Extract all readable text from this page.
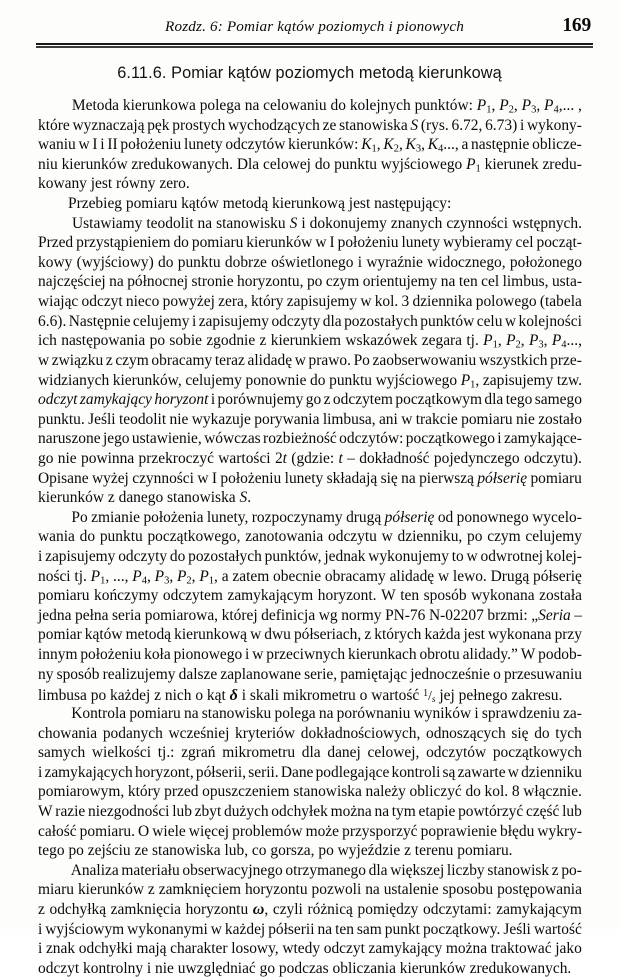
Rozdz. 6: Pomiar kątów poziomych i pionowych	169
6.11.6. Pomiar kątów poziomych metodą kierunkową
Metoda kierunkowa polega na celowaniu do kolejnych punktów: $P_1$, $P_2$, $P_3$, $P_4$,... ,
które wyznaczają pęk prostych wychodzących ze stanowiska S (rys. 6.72, 6.73) i wykony-
waniu w I i II położeniu lunety odczytów kierunków: $K_1$, $K_2$, $K_3$, $K_4$..., a następnie oblicze-
niu kierunków zredukowanych. Dla celowej do punktu wyjściowego $P_1$ kierunek zredu-
kowany jest równy zero.
Przebieg pomiaru kątów metodą kierunkową jest następujący:
Ustawiamy teodolit na stanowisku S i dokonujemy znanych czynności wstępnych.
Przed przystąpieniem do pomiaru kierunków w I położeniu lunety wybieramy cel począt-
kowy (wyjściowy) do punktu dobrze oświetlonego i wyraźnie widocznego, położonego
najczęściej na północnej stronie horyzontu, po czym orientujemy na ten cel limbus, usta-
wiając odczyt nieco powyżej zera, który zapisujemy w kol. 3 dziennika polowego (tabela
6.6). Następnie celujemy i zapisujemy odczyty dla pozostałych punktów celu w kolejności
ich następowania po sobie zgodnie z kierunkiem wskazówek zegara tj. $P_1$, $P_2$, $P_3$, $P_4$...,
w związku z czym obracamy teraz alidadę w prawo. Po zaobserwowaniu wszystkich prze-
widzianych kierunków, celujemy ponownie do punktu wyjściowego $P_1$, zapisujemy tzw.
odczyt zamykający horyzont i porównujemy go z odczytem początkowym dla tego samego
punktu. Jeśli teodolit nie wykazuje porywania limbusa, ani w trakcie pomiaru nie zostało
naruszone jego ustawienie, wówczas rozbieżność odczytów: początkowego i zamykające-
go nie powinna przekroczyć wartości 2t (gdzie: t – dokładność pojedynczego odczytu).
Opisane wyżej czynności w I położeniu lunety składają się na pierwszą półserię pomiaru
kierunków z danego stanowiska S.
Po zmianie położenia lunety, rozpoczynamy drugą półserię od ponownego wycelo-
wania do punktu początkowego, zanotowania odczytu w dzienniku, po czym celujemy
i zapisujemy odczyty do pozostałych punktów, jednak wykonujemy to w odwrotnej kolej-
ności tj. $P_1$, ..., $P_4$, $P_3$, $P_2$, $P_1$, a zatem obecnie obracamy alidadę w lewo. Drugą półserię
pomiaru kończymy odczytem zamykającym horyzont. W ten sposób wykonana została
jedna pełna seria pomiarowa, której definicja wg normy PN-76 N-02207 brzmi: „Seria –
pomiar kątów metodą kierunkową w dwu półseriach, z których każda jest wykonana przy
innym położeniu koła pionowego i w przeciwnych kierunkach obrotu alidady.” W podob-
ny sposób realizujemy dalsze zaplanowane serie, pamiętając jednocześnie o przesuwaniu
limbusa po każdej z nich o kąt δ i skali mikrometru o wartość $^1/_s$ jej pełnego zakresu.
Kontrola pomiaru na stanowisku polega na porównaniu wyników i sprawdzeniu za-
chowania podanych wcześniej kryteriów dokładnościowych, odnoszących się do tych
samych wielkości tj.: zgrań mikrometru dla danej celowej, odczytów początkowych
i zamykających horyzont, półserii, serii. Dane podlegające kontroli są zawarte w dzienniku
pomiarowym, który przed opuszczeniem stanowiska należy obliczyć do kol. 8 włącznie.
W razie niezgodności lub zbyt dużych odchyłek można na tym etapie powtórzyć część lub
całość pomiaru. O wiele więcej problemów może przysporzyć poprawienie błędu wykry-
tego po zejściu ze stanowiska lub, co gorsza, po wyjeździe z terenu pomiaru.
Analiza materiału obserwacyjnego otrzymanego dla większej liczby stanowisk z po-
miaru kierunków z zamknięciem horyzontu pozwoli na ustalenie sposobu postępowania
z odchyłką zamknięcia horyzontu ω, czyli różnicą pomiędzy odczytami: zamykającym
i wyjściowym wykonanymi w każdej półserii na ten sam punkt początkowy. Jeśli wartość
i znak odchyłki mają charakter losowy, wtedy odczyt zamykający można traktować jako
odczyt kontrolny i nie uwzględniać go podczas obliczania kierunków zredukowanych.
